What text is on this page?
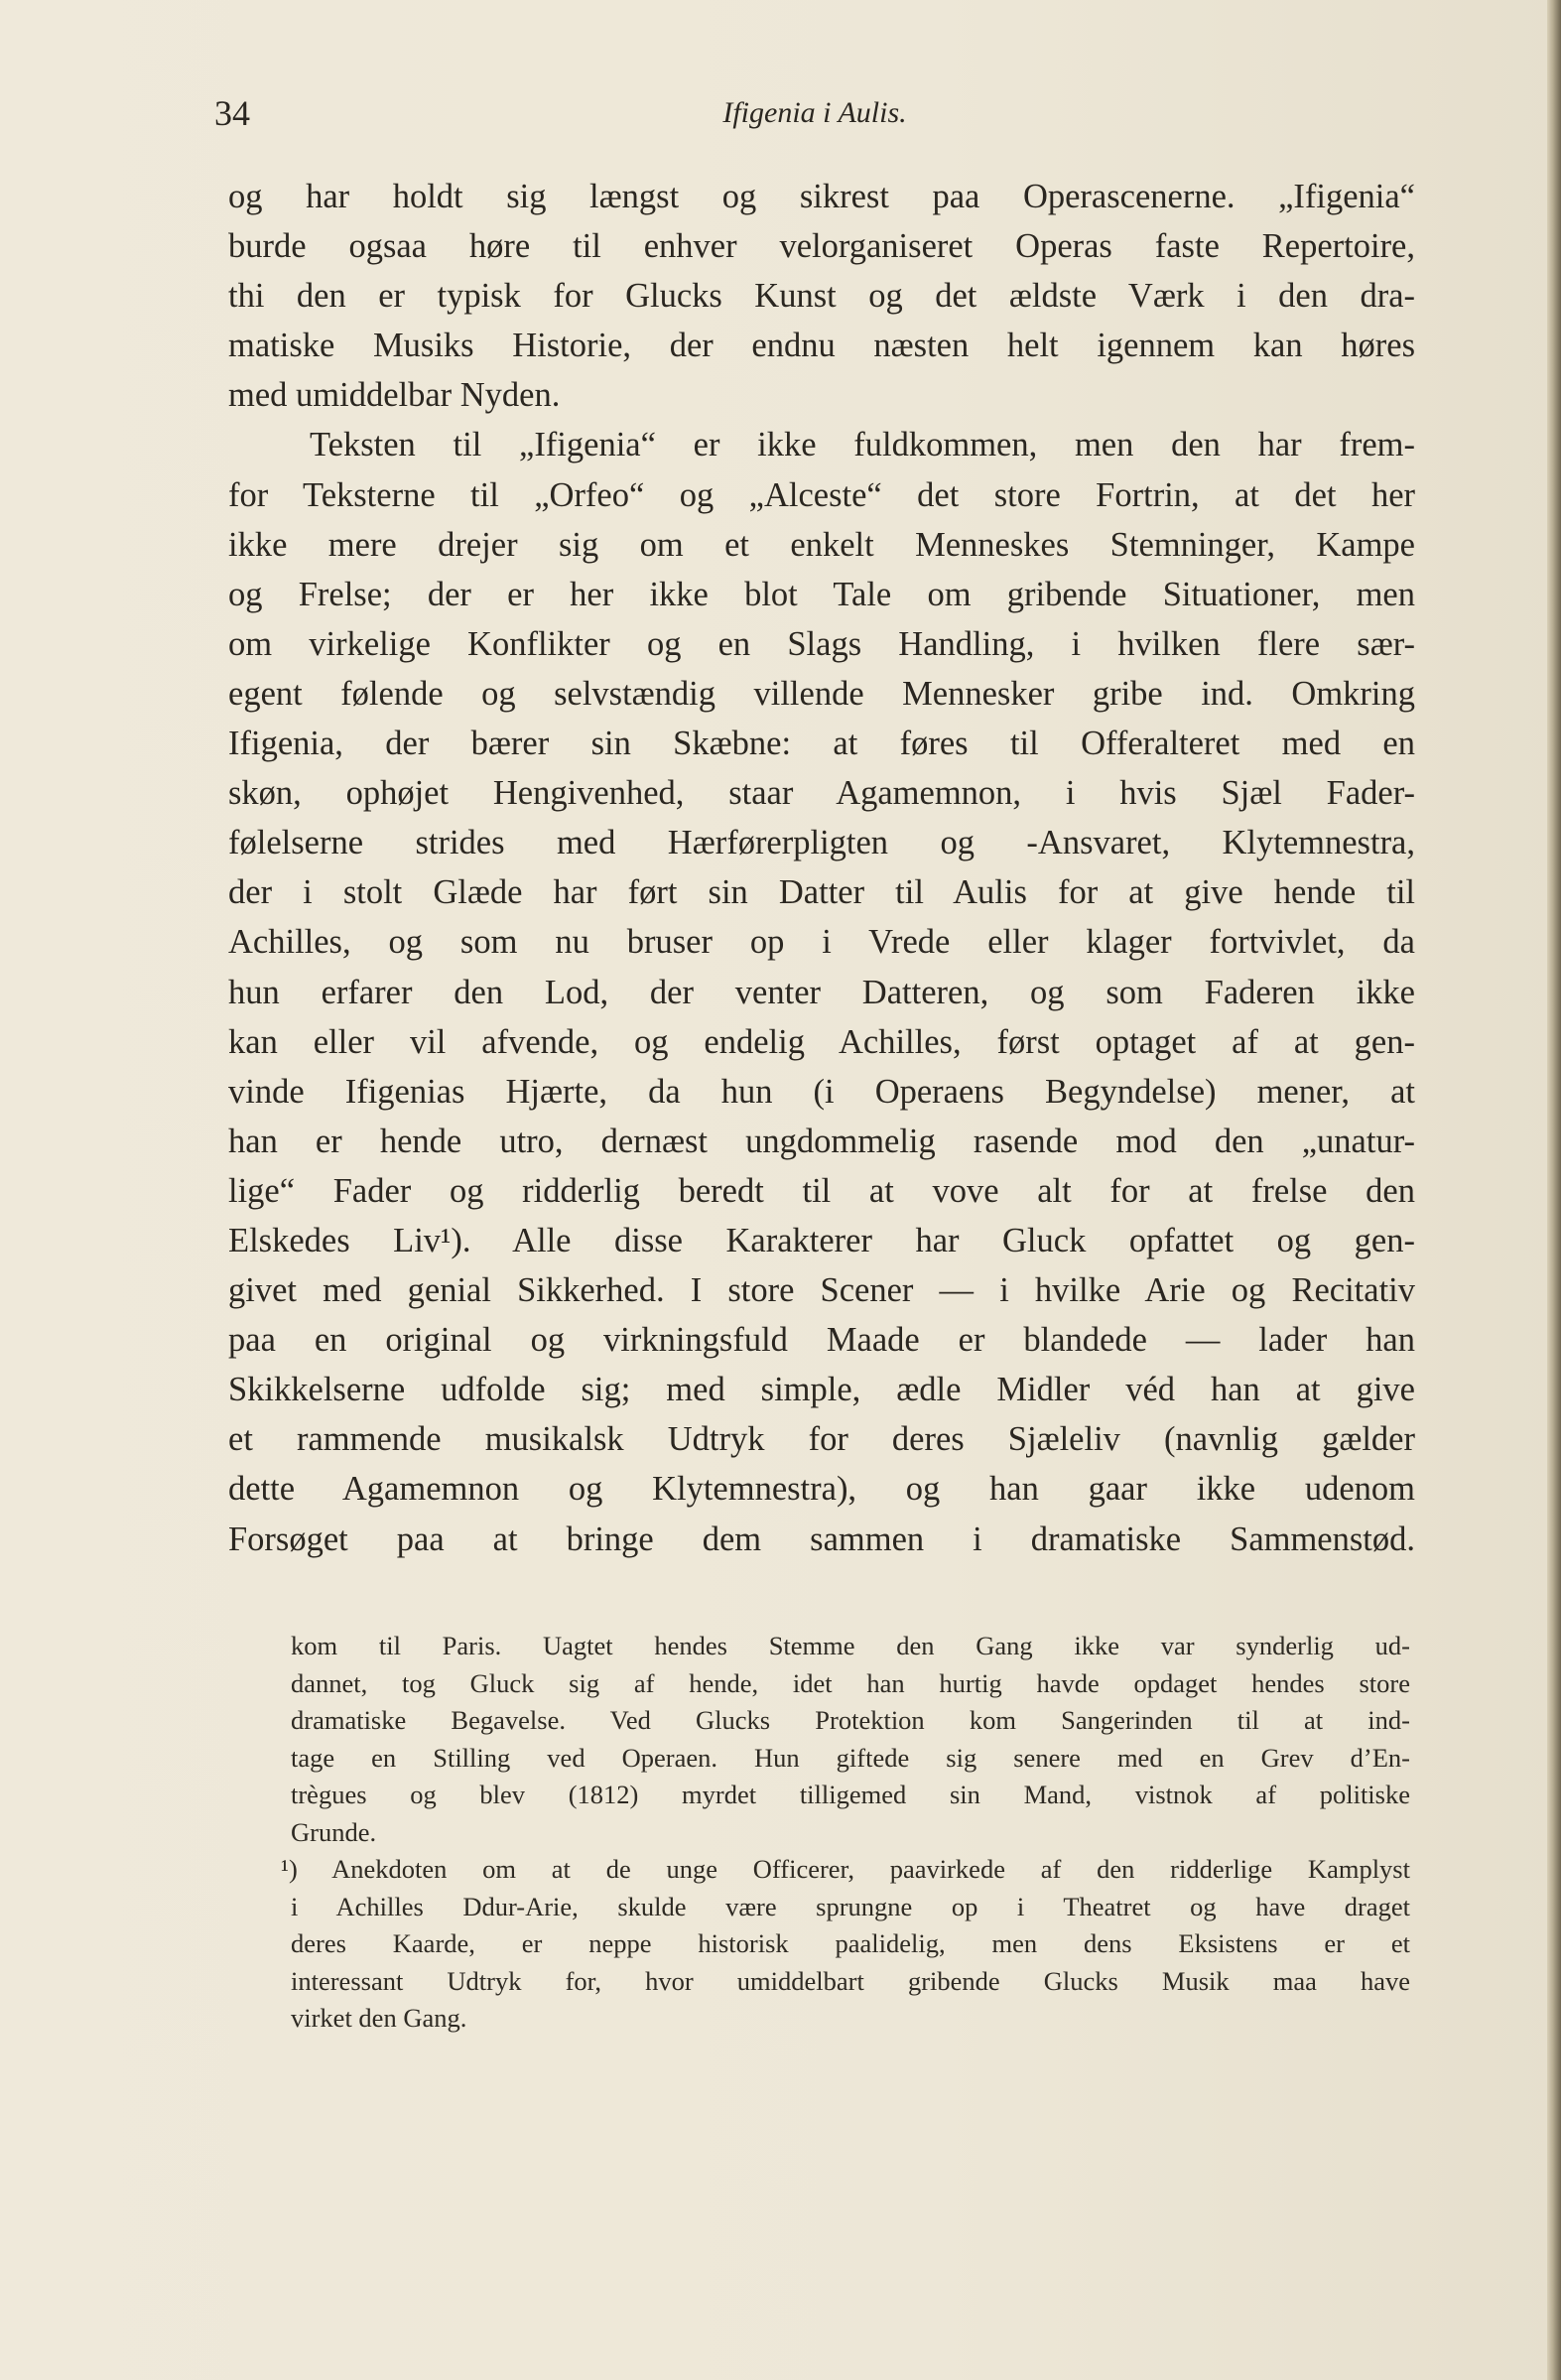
34	Ifigenia i Aulis.
og har holdt sig længst og sikrest paa Operascenerne. „Ifigenia“
burde ogsaa høre til enhver velorganiseret Operas faste Repertoire,
thi den er typisk for Glucks Kunst og det ældste Værk i den dra-
matiske Musiks Historie, der endnu næsten helt igennem kan høres
med umiddelbar Nyden.
Teksten til „Ifigenia“ er ikke fuldkommen, men den har frem-
for Teksterne til „Orfeo“ og „Alceste“ det store Fortrin, at det her
ikke mere drejer sig om et enkelt Menneskes Stemninger, Kampe
og Frelse; der er her ikke blot Tale om gribende Situationer, men
om virkelige Konflikter og en Slags Handling, i hvilken flere sær-
egent følende og selvstændig villende Mennesker gribe ind. Omkring
Ifigenia, der bærer sin Skæbne: at føres til Offeralteret med en
skøn, ophøjet Hengivenhed, staar Agamemnon, i hvis Sjæl Fader-
følelserne strides med Hærførerpligten og -Ansvaret, Klytemnestra,
der i stolt Glæde har ført sin Datter til Aulis for at give hende til
Achilles, og som nu bruser op i Vrede eller klager fortvivlet, da
hun erfarer den Lod, der venter Datteren, og som Faderen ikke
kan eller vil afvende, og endelig Achilles, først optaget af at gen-
vinde Ifigenias Hjærte, da hun (i Operaens Begyndelse) mener, at
han er hende utro, dernæst ungdommelig rasende mod den „unatur-
lige“ Fader og ridderlig beredt til at vove alt for at frelse den
Elskedes Liv¹). Alle disse Karakterer har Gluck opfattet og gen-
givet med genial Sikkerhed. I store Scener — i hvilke Arie og Recitativ
paa en original og virkningsfuld Maade er blandede — lader han
Skikkelserne udfolde sig; med simple, ædle Midler véd han at give
et rammende musikalsk Udtryk for deres Sjæleliv (navnlig gælder
dette Agamemnon og Klytemnestra), og han gaar ikke udenom
Forsøget paa at bringe dem sammen i dramatiske Sammenstød.
kom til Paris. Uagtet hendes Stemme den Gang ikke var synderlig ud-
dannet, tog Gluck sig af hende, idet han hurtig havde opdaget hendes store
dramatiske Begavelse. Ved Glucks Protektion kom Sangerinden til at ind-
tage en Stilling ved Operaen. Hun giftede sig senere med en Grev d’En-
trègues og blev (1812) myrdet tilligemed sin Mand, vistnok af politiske
Grunde.
¹) Anekdoten om at de unge Officerer, paavirkede af den ridderlige Kamplyst
i Achilles Ddur-Arie, skulde være sprungne op i Theatret og have draget
deres Kaarde, er neppe historisk paalidelig, men dens Eksistens er et
interessant Udtryk for, hvor umiddelbart gribende Glucks Musik maa have
virket den Gang.
